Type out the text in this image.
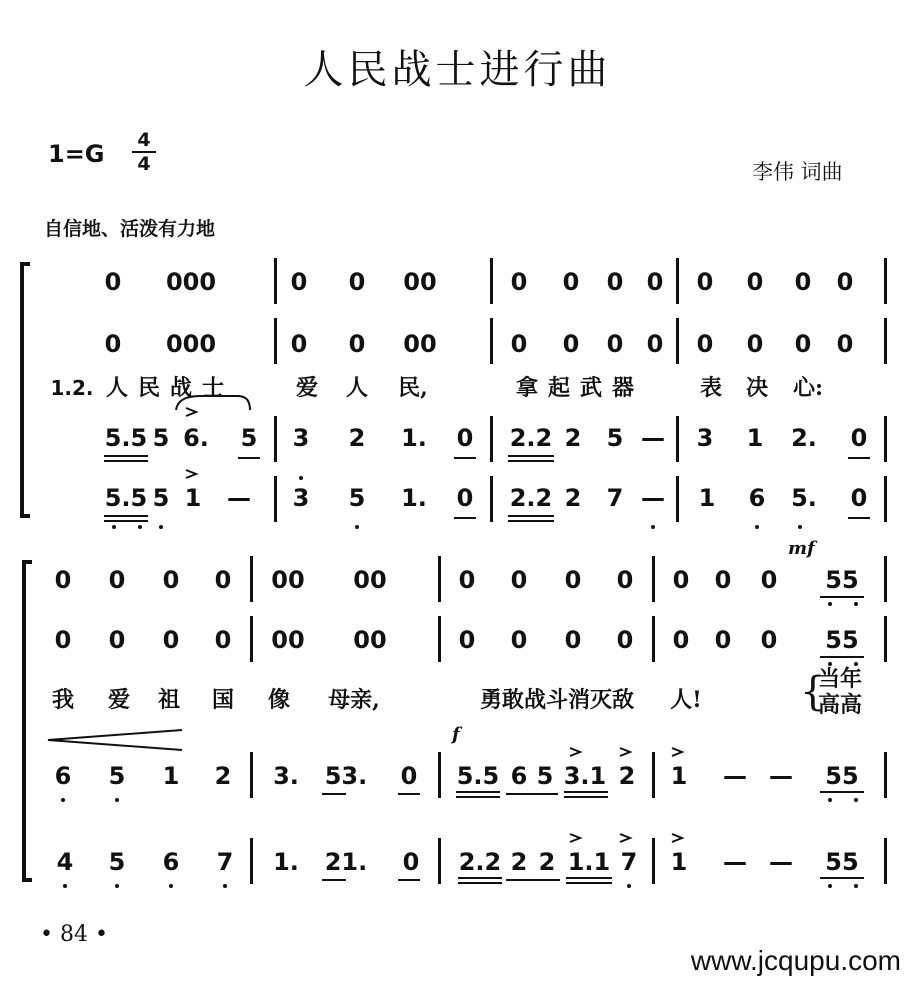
人民战士进行曲
1=G 4
4	李伟 词曲
自信地、活泼有力地
0	000	0 0 00	0 0 0 0 0 0 0 0
0	000	0 0 00	0 0 0 0 0 0 0 0
1.2. 人 民 战 士	爱 人	民,	拿 起 武 器	表 决	心:
5.5 5 6.	5 3 2 1. 0 2.2 2 5 — 3 1 2. 0
5.5 5 1 — 3 5 1. 0 2.2 2 7 — 1 6 5. 0
mf
f
0 0 0 0 00 00	0 0 0 0 0 0 0	55
0 0 0 0 00 00	0 0 0 0 0 0 0	55
我 爱 祖 国 像	母亲,	勇敢战斗消灭敌	人! {
当年
高高
6 5 1 2 3. 53. 0 5.5 6 5 3.1 2 1 — —	55
4 5 6 7 1. 21. 0 2.2 2 2 1.1 7 1 — —	55
• 84 •
www.jcqupu.com
